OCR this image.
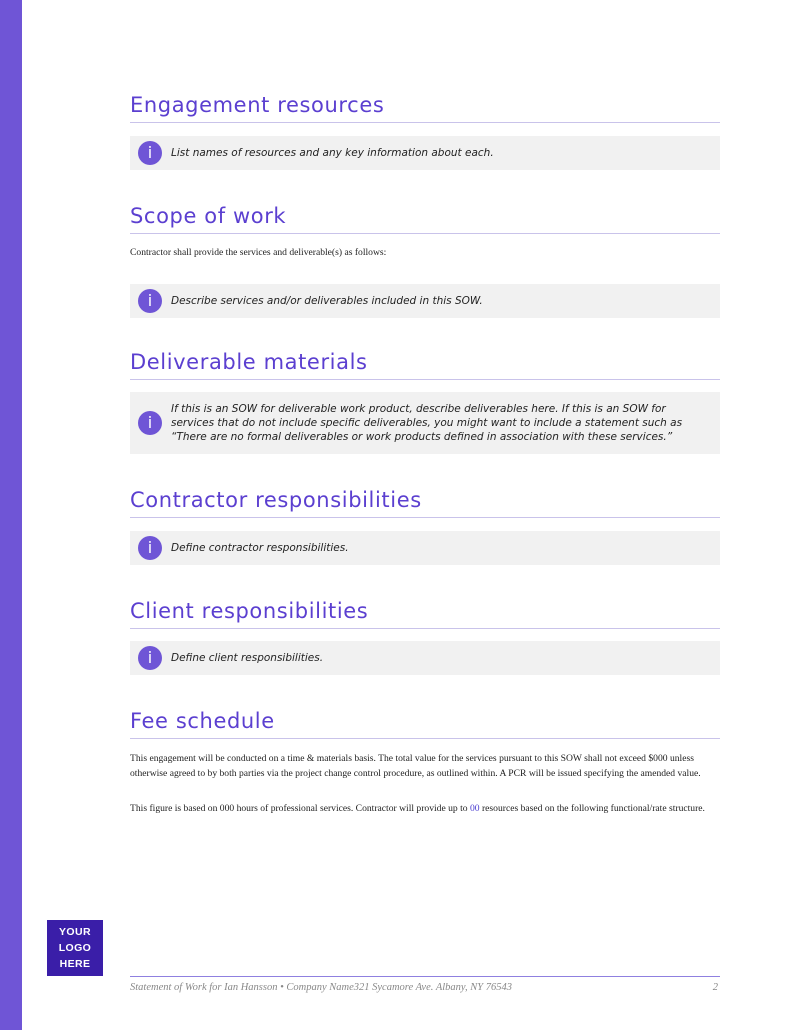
Engagement resources
i	List names of resources and any key information about each.
Scope of work

Contractor shall provide the services and deliverable(s) as follows:

i	Describe services and/or deliverables included in this SOW.
Deliverable materials
i
If this is an SOW for deliverable work product, describe deliverables here. If this is an SOW for services that do not include specific deliverables, you might want to include a statement such as “There are no formal deliverables or work products defined in association with these services.”
Contractor responsibilities
i	Define contractor responsibilities.
Client responsibilities
i	Define client responsibilities.
Fee schedule

This engagement will be conducted on a time & materials basis. The total value for the services pursuant to this SOW shall not exceed $000 unless otherwise agreed to by both parties via the project change control procedure, as outlined within. A PCR will be issued specifying the amended value.

This figure is based on 000 hours of professional services. Contractor will provide up to 00 resources based on the following functional/rate structure.

YOUR
LOGO
HERE
Statement of Work for Ian Hansson • Company Name321 Sycamore Ave. Albany, NY 76543	2
